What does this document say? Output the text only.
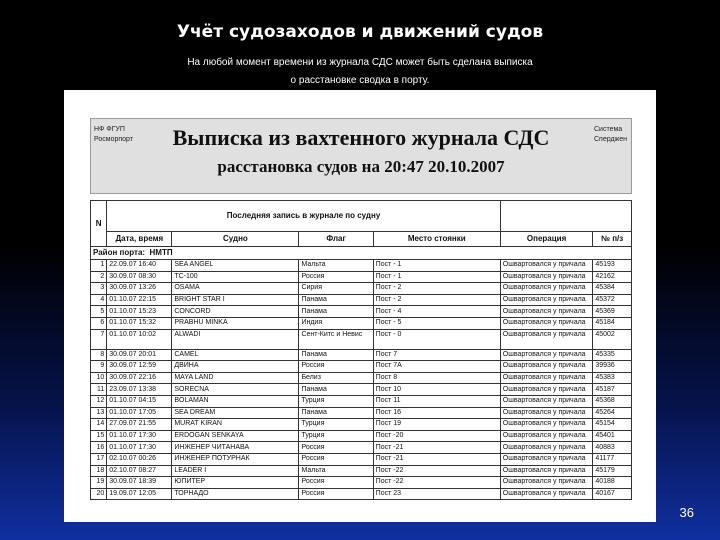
Учёт судозаходов и движений судов
На любой момент времени из журнала СДС может быть сделана выписка
о расстановке сводка в порту.
НФ ФГУП
Росморпорт
Система
Сперджен
Выписка из вахтенного журнала СДС
расстановка судов на 20:47 20.10.2007
N	Последняя запись в журнале по судну					
	Дата, время	Судно	Флаг	Место стоянки	Операция	№ п/з
Район порта: НМТП						
1	22.09.07 16:40	SEA ANGEL	Мальта	Пост - 1	Ошвартовался у причала	45193
2	30.09.07 08:30	TC-100	Россия	Пост - 1	Ошвартовался у причала	42162
3	30.09.07 13:26	OSAMA	Сирия	Пост - 2	Ошвартовался у причала	45384
4	01.10.07 22:15	BRIGHT STAR I	Панама	Пост - 2	Ошвартовался у причала	45372
5	01.10.07 15:23	CONCORD	Панама	Пост - 4	Ошвартовался у причала	45369
6	01.10.07 15:32	PRABHU MINKA	Индия	Пост - 5	Ошвартовался у причала	45184
7	01.10.07 10:02	ALWADI	Сент-Китс и Невис	Пост - 0	Ошвартовался у причала	45002
8	30.09.07 20:01	CAMEL	Панама	Пост 7	Ошвартовался у причала	45335
9	30.09.07 12:59	ДВИНА	Россия	Пост 7А	Ошвартовался у причала	39936
10	30.09.07 22:16	MAYA LAND	Белиз	Пост 8	Ошвартовался у причала	45383
11	23.09.07 13:38	SORECNA	Панама	Пост 10	Ошвартовался у причала	45187
12	01.10.07 04:15	BOLAMAN	Турция	Пост 11	Ошвартовался у причала	45368
13	01.10.07 17:05	SEA DREAM	Панама	Пост 16	Ошвартовался у причала	45264
14	27.09.07 21:55	MURAT KIRAN	Турция	Пост 19	Ошвартовался у причала	45154
15	01.10.07 17:30	ERDOGAN SENKAYA	Турция	Пост -20	Ошвартовался у причала	45401
16	01.10.07 17:30	ИНЖЕНЕР ЧИТАНАВА	Россия	Пост -21	Ошвартовался у причала	40883
17	02.10.07 00:26	ИНЖЕНЕР ПОТУРНАК	Россия	Пост -21	Ошвартовался у причала	41177
18	02.10.07 08:27	LEADER I	Мальта	Пост -22	Ошвартовался у причала	45179
19	30.09.07 18:39	ЮПИТЕР	Россия	Пост -22	Ошвартовался у причала	40188
20	19.09.07 12:05	ТОРНАДО	Россия	Пост 23	Ошвартовался у причала	40167
36
